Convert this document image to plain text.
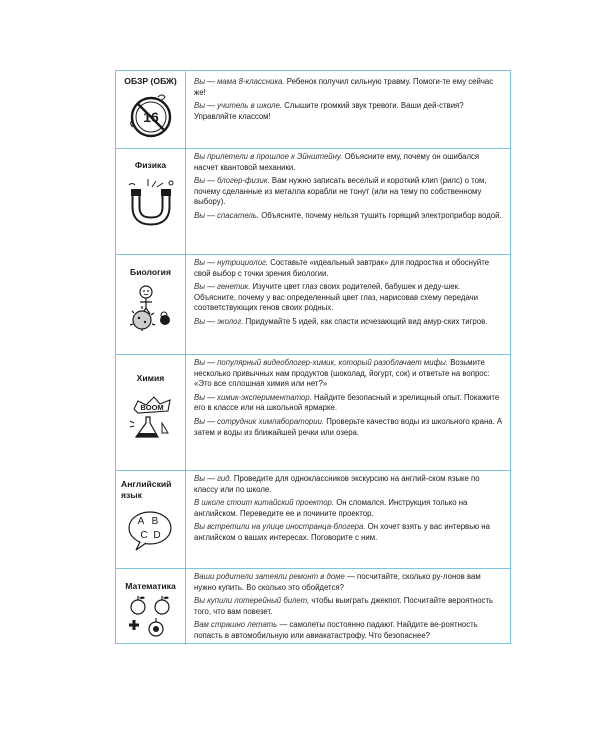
ОБЗР (ОБЖ)
16

Вы — мама 8-классника. Ребенок получил сильную травму. Помоги-те ему сейчас же!

Вы — учитель в школе. Слышите громкий звук тревоги. Ваши дей-ствия? Управляйте классом!

Физика

Вы прилетели в прошлое к Эйнштейну. Объясните ему, почему он ошибался насчет квантовой механики.

Вы — блогер-физик. Вам нужно записать веселый и короткий клип (рилс) о том, почему сделанные из металла корабли не тонут (или на тему по собственному выбору).

Вы — спасатель. Объясните, почему нельзя тушить горящий электроприбор водой.

Биология

Вы — нутрициолог. Составьте «идеальный завтрак» для подростка и обоснуйте свой выбор с точки зрения биологии.

Вы — генетик. Изучите цвет глаз своих родителей, бабушек и деду-шек. Объясните, почему у вас определенный цвет глаз, нарисовав схему передачи соответствующих генов своих родных.

Вы — эколог. Придумайте 5 идей, как спасти исчезающий вид амур-ских тигров.

Химия
BOOM

Вы — популярный видеоблогер-химик, который разоблачает мифы. Возьмите несколько привычных нам продуктов (шоколад, йогурт, сок) и ответьте на вопрос: «Это все сплошная химия или нет?»

Вы — химик-экспериментатор. Найдите безопасный и зрелищный опыт. Покажите его в классе или на школьной ярмарке.

Вы — сотрудник химлаборатории. Проверьте качество воды из школьного крана. А затем и воды из ближайшей речки или озера.

Английский язык
A B
C D

Вы — гид. Проведите для одноклассников экскурсию на англий-ском языке по классу или по школе.

В школе стоит китайский проектор. Он сломался. Инструкция только на английском. Переведите ее и почините проектор.

Вы встретили на улице иностранца-блогера. Он хочет взять у вас интервью на английском о ваших интересах. Поговорите с ним.

Математика

Ваши родители затеяли ремонт в доме — посчитайте, сколько ру-лонов вам нужно купить. Во сколько это обойдется?

Вы купили лотерейный билет, чтобы выиграть джекпот. Посчитайте вероятность того, что вам повезет.

Вам страшно летать — самолеты постоянно падают. Найдите ве-роятность попасть в автомобильную или авиакатастрофу. Что безопаснее?
